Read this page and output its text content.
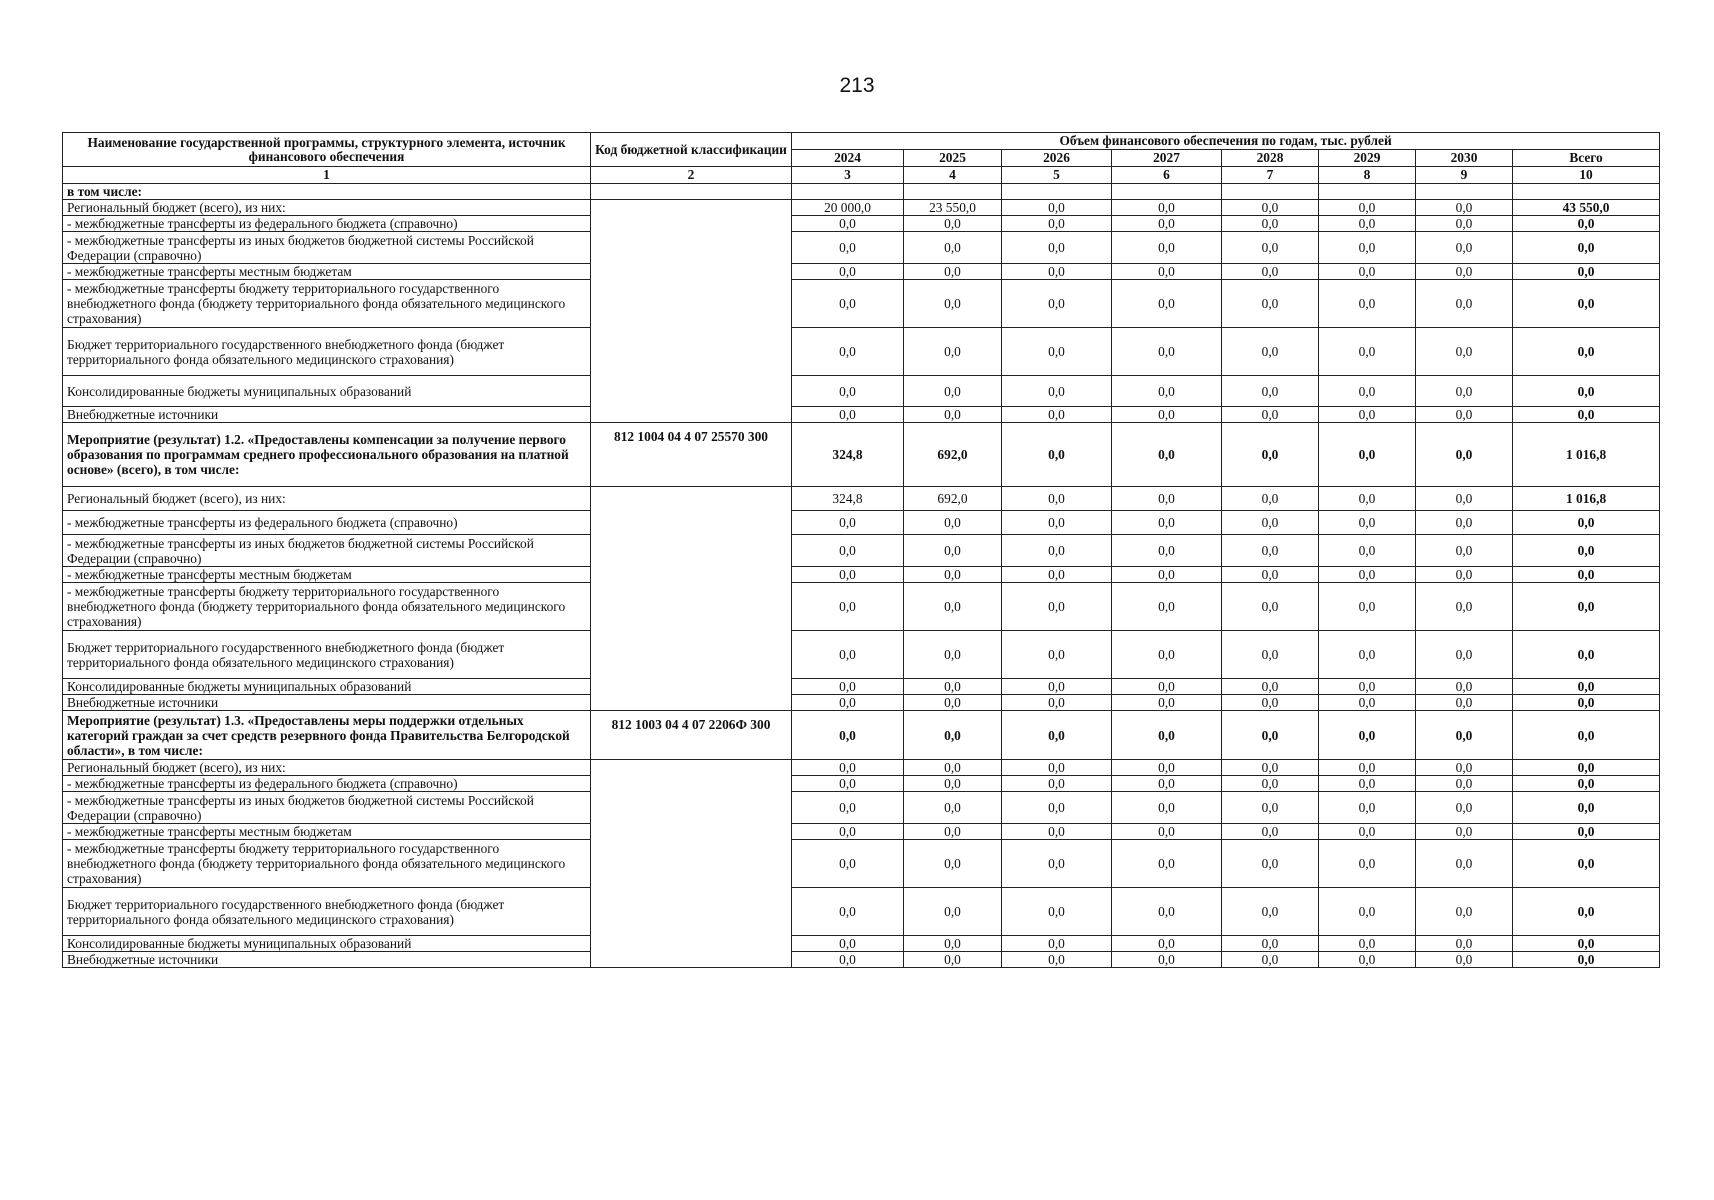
213
Наименование государственной программы, структурного элемента, источник финансового обеспечения	Код бюджетной классификации	Объем финансового обеспечения по годам, тыс. рублей							
		2024	2025	2026	2027	2028	2029	2030	Всего
1	2	3	4	5	6	7	8	9	10
в том числе:									
Региональный бюджет (всего), из них:		20 000,0	23 550,0	0,0	0,0	0,0	0,0	0,0	43 550,0
- межбюджетные трансферты из федерального бюджета (справочно)		0,0	0,0	0,0	0,0	0,0	0,0	0,0	0,0
- межбюджетные трансферты из иных бюджетов бюджетной системы Российской Федерации (справочно)		0,0	0,0	0,0	0,0	0,0	0,0	0,0	0,0
- межбюджетные трансферты местным бюджетам		0,0	0,0	0,0	0,0	0,0	0,0	0,0	0,0
- межбюджетные трансферты бюджету территориального государственного внебюджетного фонда (бюджету территориального фонда обязательного медицинского страхования)		0,0	0,0	0,0	0,0	0,0	0,0	0,0	0,0
Бюджет территориального государственного внебюджетного фонда (бюджет территориального фонда обязательного медицинского страхования)		0,0	0,0	0,0	0,0	0,0	0,0	0,0	0,0
Консолидированные бюджеты муниципальных образований		0,0	0,0	0,0	0,0	0,0	0,0	0,0	0,0
Внебюджетные источники		0,0	0,0	0,0	0,0	0,0	0,0	0,0	0,0
Мероприятие (результат) 1.2. «Предоставлены компенсации за получение первого образования по программам среднего профессионального образования на платной основе» (всего), в том числе:	812 1004 04 4 07 25570 300	324,8	692,0	0,0	0,0	0,0	0,0	0,0	1 016,8
Региональный бюджет (всего), из них:		324,8	692,0	0,0	0,0	0,0	0,0	0,0	1 016,8
- межбюджетные трансферты из федерального бюджета (справочно)		0,0	0,0	0,0	0,0	0,0	0,0	0,0	0,0
- межбюджетные трансферты из иных бюджетов бюджетной системы Российской Федерации (справочно)		0,0	0,0	0,0	0,0	0,0	0,0	0,0	0,0
- межбюджетные трансферты местным бюджетам		0,0	0,0	0,0	0,0	0,0	0,0	0,0	0,0
- межбюджетные трансферты бюджету территориального государственного внебюджетного фонда (бюджету территориального фонда обязательного медицинского страхования)		0,0	0,0	0,0	0,0	0,0	0,0	0,0	0,0
Бюджет территориального государственного внебюджетного фонда (бюджет территориального фонда обязательного медицинского страхования)		0,0	0,0	0,0	0,0	0,0	0,0	0,0	0,0
Консолидированные бюджеты муниципальных образований		0,0	0,0	0,0	0,0	0,0	0,0	0,0	0,0
Внебюджетные источники		0,0	0,0	0,0	0,0	0,0	0,0	0,0	0,0
Мероприятие (результат) 1.3. «Предоставлены меры поддержки отдельных категорий граждан за счет средств резервного фонда Правительства Белгородской области», в том числе:	812 1003 04 4 07 2206Ф 300	0,0	0,0	0,0	0,0	0,0	0,0	0,0	0,0
Региональный бюджет (всего), из них:		0,0	0,0	0,0	0,0	0,0	0,0	0,0	0,0
- межбюджетные трансферты из федерального бюджета (справочно)		0,0	0,0	0,0	0,0	0,0	0,0	0,0	0,0
- межбюджетные трансферты из иных бюджетов бюджетной системы Российской Федерации (справочно)		0,0	0,0	0,0	0,0	0,0	0,0	0,0	0,0
- межбюджетные трансферты местным бюджетам		0,0	0,0	0,0	0,0	0,0	0,0	0,0	0,0
- межбюджетные трансферты бюджету территориального государственного внебюджетного фонда (бюджету территориального фонда обязательного медицинского страхования)		0,0	0,0	0,0	0,0	0,0	0,0	0,0	0,0
Бюджет территориального государственного внебюджетного фонда (бюджет территориального фонда обязательного медицинского страхования)		0,0	0,0	0,0	0,0	0,0	0,0	0,0	0,0
Консолидированные бюджеты муниципальных образований		0,0	0,0	0,0	0,0	0,0	0,0	0,0	0,0
Внебюджетные источники		0,0	0,0	0,0	0,0	0,0	0,0	0,0	0,0
